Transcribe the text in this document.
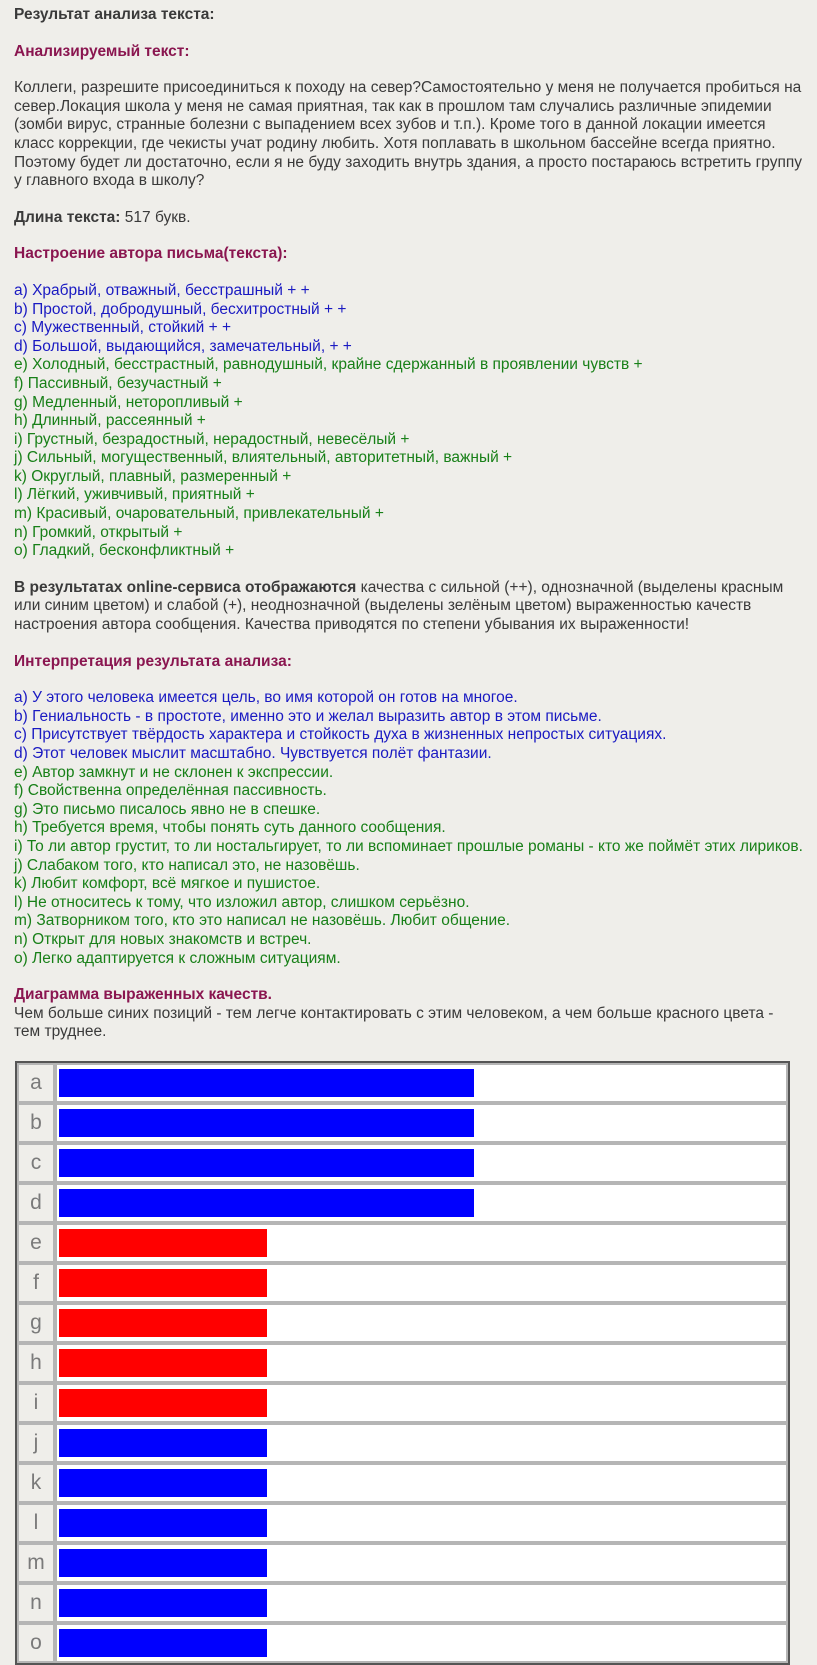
Результат анализа текста:
Анализируемый текст:

Коллеги, разрешите присоединиться к походу на север?Самостоятельно у меня не получается пробиться на север.Локация школа у меня не самая приятная, так как в прошлом там случались различные эпидемии (зомби вирус, странные болезни с выпадением всех зубов и т.п.). Кроме того в данной локации имеется класс коррекции, где чекисты учат родину любить. Хотя поплавать в школьном бассейне всегда приятно. Поэтому будет ли достаточно, если я не буду заходить внутрь здания, а просто постараюсь встретить группу у главного входа в школу?

Длина текста: 517 букв.

Настроение автора письма(текста):
a) Храбрый, отважный, бесстрашный + +
b) Простой, добродушный, бесхитростный + +
c) Мужественный, стойкий + +
d) Большой, выдающийся, замечательный, + +
e) Холодный, бесстрастный, равнодушный, крайне сдержанный в проявлении чувств +
f) Пассивный, безучастный +
g) Медленный, неторопливый +
h) Длинный, рассеянный +
i) Грустный, безрадостный, нерадостный, невесёлый +
j) Сильный, могущественный, влиятельный, авторитетный, важный +
k) Округлый, плавный, размеренный +
l) Лёгкий, уживчивый, приятный +
m) Красивый, очаровательный, привлекательный +
n) Громкий, открытый +
o) Гладкий, бесконфликтный +

В результатах online-сервиса отображаются качества с сильной (++), однозначной (выделены красным или синим цветом) и слабой (+), неоднозначной (выделены зелёным цветом) выраженностью качеств настроения автора сообщения. Качества приводятся по степени убывания их выраженности!

Интерпретация результата анализа:
a) У этого человека имеется цель, во имя которой он готов на многое.
b) Гениальность - в простоте, именно это и желал выразить автор в этом письме.
c) Присутствует твёрдость характера и стойкость духа в жизненных непростых ситуациях.
d) Этот человек мыслит масштабно. Чувствуется полёт фантазии.
e) Автор замкнут и не склонен к экспрессии.
f) Свойственна определённая пассивность.
g) Это письмо писалось явно не в спешке.
h) Требуется время, чтобы понять суть данного сообщения.
i) То ли автор грустит, то ли ностальгирует, то ли вспоминает прошлые романы - кто же поймёт этих лириков.
j) Слабаком того, кто написал это, не назовёшь.
k) Любит комфорт, всё мягкое и пушистое.
l) Не относитесь к тому, что изложил автор, слишком серьёзно.
m) Затворником того, кто это написал не назовёшь. Любит общение.
n) Открыт для новых знакомств и встреч.
o) Легко адаптируется к сложным ситуациям.
Диаграмма выраженных качеств.
Чем больше синих позиций - тем легче контактировать с этим человеком, а чем больше красного цвета - тем труднее.
a	

b	

c	

d	

e	

f	

g	

h	

i	

j	

k	

l	

m	

n	

o	
